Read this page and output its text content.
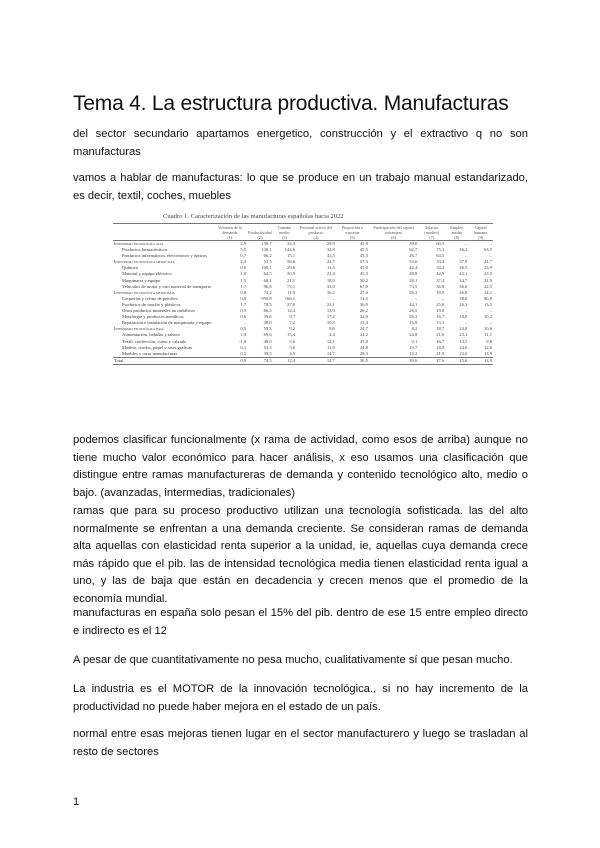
Tema 4. La estructura productiva. Manufacturas

del sector secundario apartamos energetico, construcción y el extractivo q no son manufacturas

vamos a hablar de manufacturas: lo que se produce en un trabajo manual estandarizado, es decir, textil, coches, muebles

Cuadro 1. Caracterización de las manufacturas españolas hacia 2022

	Volumen de la demanda	Productividad	Tamaño medio	Personal activo del producto	Proporción a exportar	Participación del capital extranjero	Salarios (medios)	Empleo medio	Capital humano
	(1)	(2)	(3)	(4)	(5)	(6)	(7)	(8)	(9)
Intensidad tecnológica alta	2,9	158,7	34,3	29,9	45,8	39,0	60,5	–	–
Productos farmacéuticos	5,5	130,1	144,6	32,8	45,5	62,7	75,3	36,2	63,5
Productos informáticos, electrónicos y ópticos	0,7	66,2	15,1	32,5	45,5	26,7	64,5	–	–
Intensidad tecnológica media-alta	2,4	53,5	56,6	22,7	57,3	53,6	33,4	37,9	21,7
Química	0,0	100,1	29,6	11,5	45,0	42,4	34,2	36,5	25,9
Material y equipo eléctrico	1,9	64,5	30,9	21,4	45,3	48,8	42,9	42,1	23,5
Maquinaria y equipo	1,5	68,1	21,1	18,0	50,2	28,1	37,4	34,7	21,9
Vehículos de motor y otro material de transporte	1,7	96,8	73,1	33,0	67,0	73,5	36,8	36,6	22,5
Intensidad tecnológica media-baja	0,8	74,2	11,9	16,2	27,0	26,3	18,9	26,8	14,1
Coquerías y refino de petróleo	0,0	950,8	166,1	–	12,5	–	–	38,0	86,0
Productos de caucho y plásticos	1,7	70,5	27,0	21,1	36,9	44,1	25,6	26,3	13,5
Otros productos minerales no metálicos	0,5	66,5	14,4	13,9	26,2	26,5	19,8	–	–
Metalurgia y productos metálicos	0,6	39,6	9,7	17,2	32,9	26,3	16,7	18,8	10,2
Reparación e instalación de maquinaria y equipo	–	38,0	7,2	10,3	15,4	16,9	13,3	–	–
Intensidad tecnológica baja	0,5	59,3	9,2	9,6	24,7	8,2	18,7	24,8	10,6
Alimentación, bebidas y tabaco	1,0	69,6	15,4	4,4	24,2	24,8	21,6	23,1	11,1
Textil, confección, cuero y calzado	-1,0	48,0	5,6	12,1	35,8	9,1	16,7	13,5	9,6
Madera, corcho, papel y artes gráficas	0,1	53,5	5,6	11,9	24,8	19,7	18,9	24,6	12,0
Muebles y otras manufacturas	0,5	39,5	4,9	14,7	28,3	13,2	21,9	23,0	13,9
Total	0,9	74,5	12,4	14,7	36,5	39,6	27,6	25,6	13,9

podemos clasificar funcionalmente (x rama de actividad, como esos de arriba) aunque no tiene mucho valor económico para hacer análisis, x eso usamos una clasificación que distingue entre ramas manufactureras de demanda y contenido tecnológico alto, medio o bajo. (avanzadas, intermedias, tradicionales)

ramas que para su proceso productivo utilizan una tecnología sofisticada. las del alto normalmente se enfrentan a una demanda creciente. Se consideran ramas de demanda alta aquellas con elasticidad renta superior a la unidad, ie, aquellas cuya demanda crece más rápido que el pib. las de intensidad tecnológica media tienen elasticidad renta igual a uno, y las de baja que están en decadencia y crecen menos que el promedio de la economía mundial.

manufacturas en españa solo pesan el 15% del pib. dentro de ese 15 entre empleo directo e indirecto es el 12

A pesar de que cuantitativamente no pesa mucho, cualitativamente sí que pesan mucho.

La industria es el MOTOR de la innovación tecnológica., si no hay incremento de la productividad no puede haber mejora en el estado de un país.

normal entre esas mejoras tienen lugar en el sector manufacturero y luego se trasladan al resto de sectores

1
